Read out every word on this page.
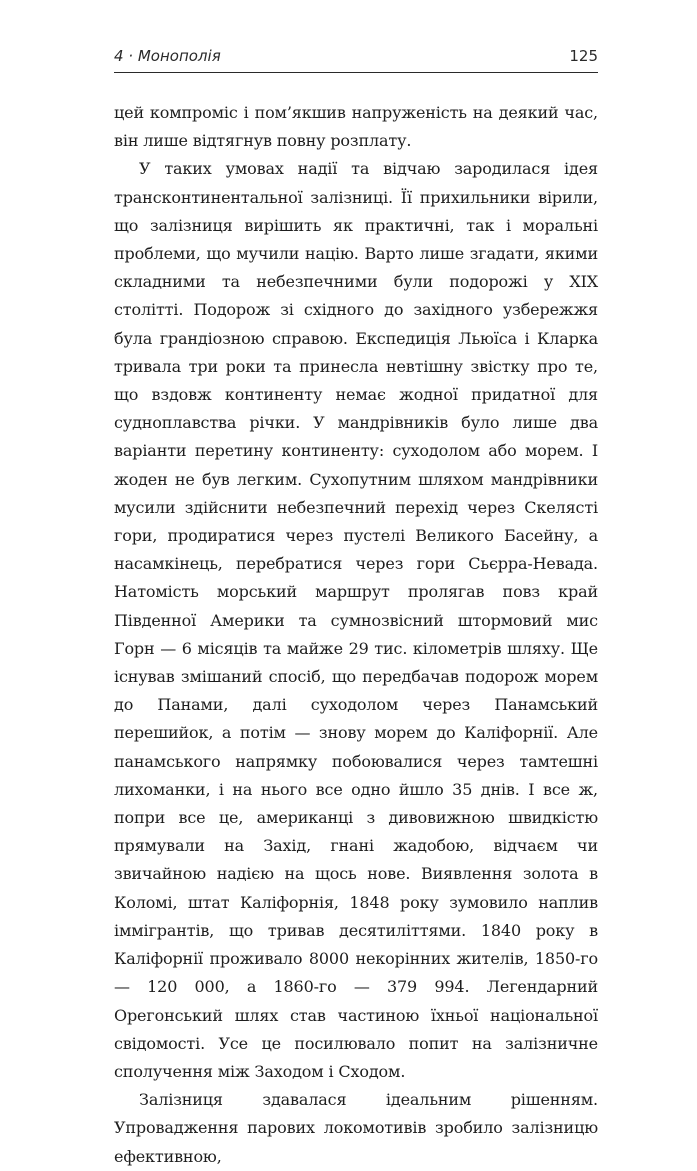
4 · Монополія	125

цей компроміс і пом’якшив напруженість на деякий час, він лише відтягнув повну розплату.

У таких умовах надії та відчаю зародилася ідея трансконтинентальної залізниці. Її прихильники вірили, що залізниця вирішить як практичні, так і моральні проблеми, що мучили націю. Варто лише згадати, якими складними та небезпечними були подорожі у XIX столітті. Подорож зі східного до західного узбережжя була грандіозною справою. Експедиція Льюїса і Кларка тривала три роки та принесла невтішну звістку про те, що вздовж континенту немає жодної придатної для судноплавства річки. У мандрівників було лише два варіанти перетину континенту: суходолом або морем. І жоден не був легким. Сухопутним шляхом мандрівники мусили здійснити небезпечний перехід через Скелясті гори, продиратися через пустелі Великого Басейну, а насамкінець, перебратися через гори Сьєрра-Невада. Натомість морський маршрут пролягав повз край Південної Америки та сумнозвісний штормовий мис Горн — 6 місяців та майже 29 тис. кілометрів шляху. Ще існував змішаний спосіб, що передбачав подорож морем до Панами, далі суходолом через Панамський перешийок, а потім — знову морем до Каліфорнії. Але панамського напрямку побоювалися через тамтешні лихоманки, і на нього все одно йшло 35 днів. І все ж, попри все це, американці з дивовижною швидкістю прямували на Захід, гнані жадобою, відчаєм чи звичайною надією на щось нове. Виявлення золота в Коломі, штат Каліфорнія, 1848 року зумовило наплив іммігрантів, що тривав десятиліттями. 1840 року в Каліфорнії проживало 8000 некорінних жителів, 1850-го — 120 000, а 1860-го — 379 994. Легендарний Орегонський шлях став частиною їхньої національної свідомості. Усе це посилювало попит на залізничне сполучення між Заходом і Сходом.

Залізниця здавалася ідеальним рішенням. Упровадження парових локомотивів зробило залізницю ефективною,
